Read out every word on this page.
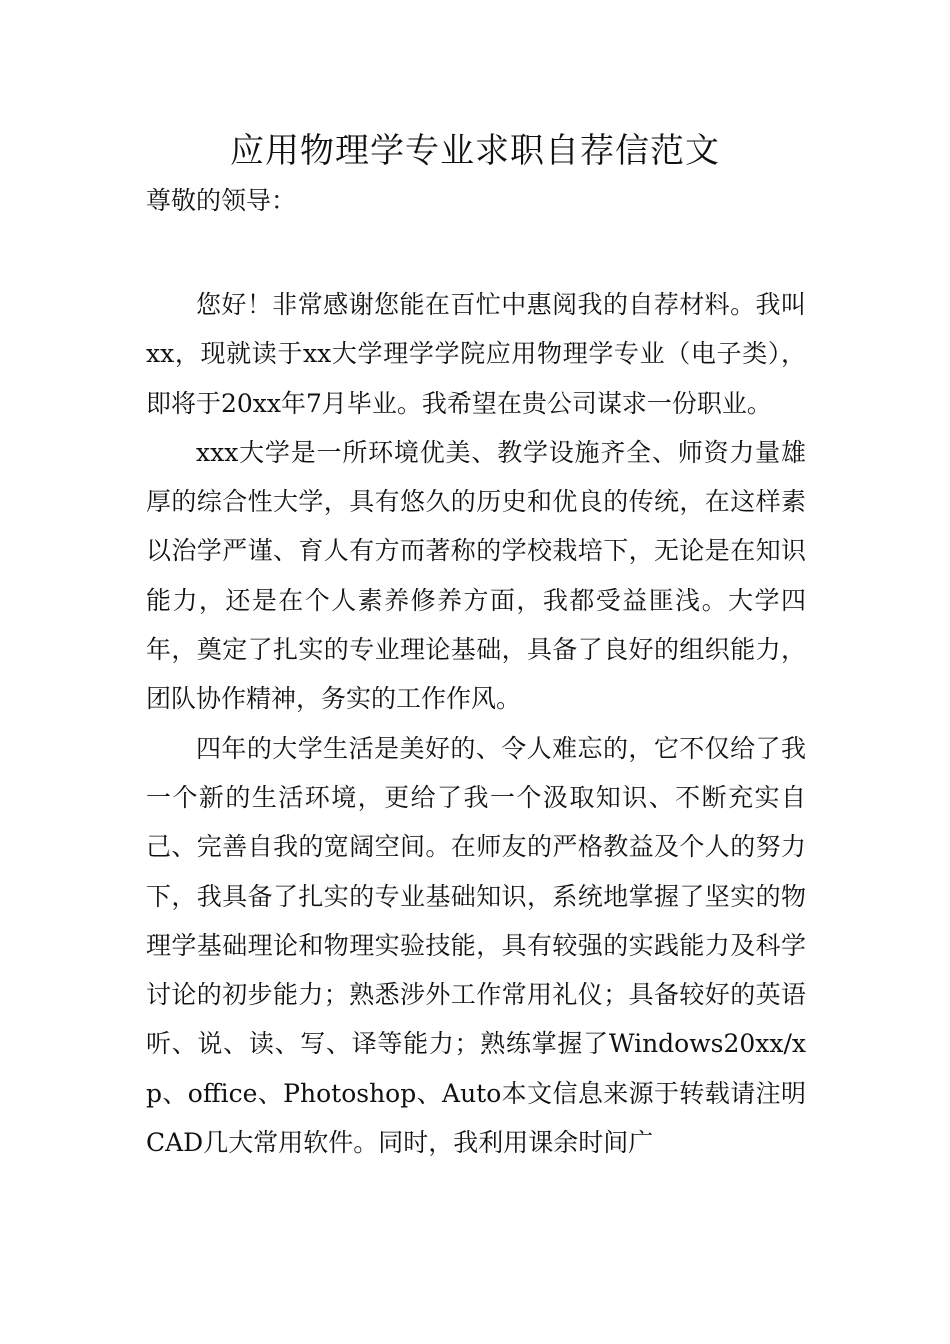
应用物理学专业求职自荐信范文

尊敬的领导：

您好！非常感谢您能在百忙中惠阅我的自荐材料。我叫xx，现就读于xx大学理学学院应用物理学专业（电子类），即将于20xx年7月毕业。我希望在贵公司谋求一份职业。

xxx大学是一所环境优美、教学设施齐全、师资力量雄厚的综合性大学，具有悠久的历史和优良的传统，在这样素以治学严谨、育人有方而著称的学校栽培下，无论是在知识能力，还是在个人素养修养方面，我都受益匪浅。大学四年，奠定了扎实的专业理论基础，具备了良好的组织能力，团队协作精神，务实的工作作风。

四年的大学生活是美好的、令人难忘的，它不仅给了我一个新的生活环境，更给了我一个汲取知识、不断充实自己、完善自我的宽阔空间。在师友的严格教益及个人的努力下，我具备了扎实的专业基础知识，系统地掌握了坚实的物理学基础理论和物理实验技能，具有较强的实践能力及科学讨论的初步能力；熟悉涉外工作常用礼仪；具备较好的英语听、说、读、写、译等能力；熟练掌握了Windows20xx/xp、office、Photoshop、Auto本文信息来源于转载请注明CAD几大常用软件。同时，我利用课余时间广
